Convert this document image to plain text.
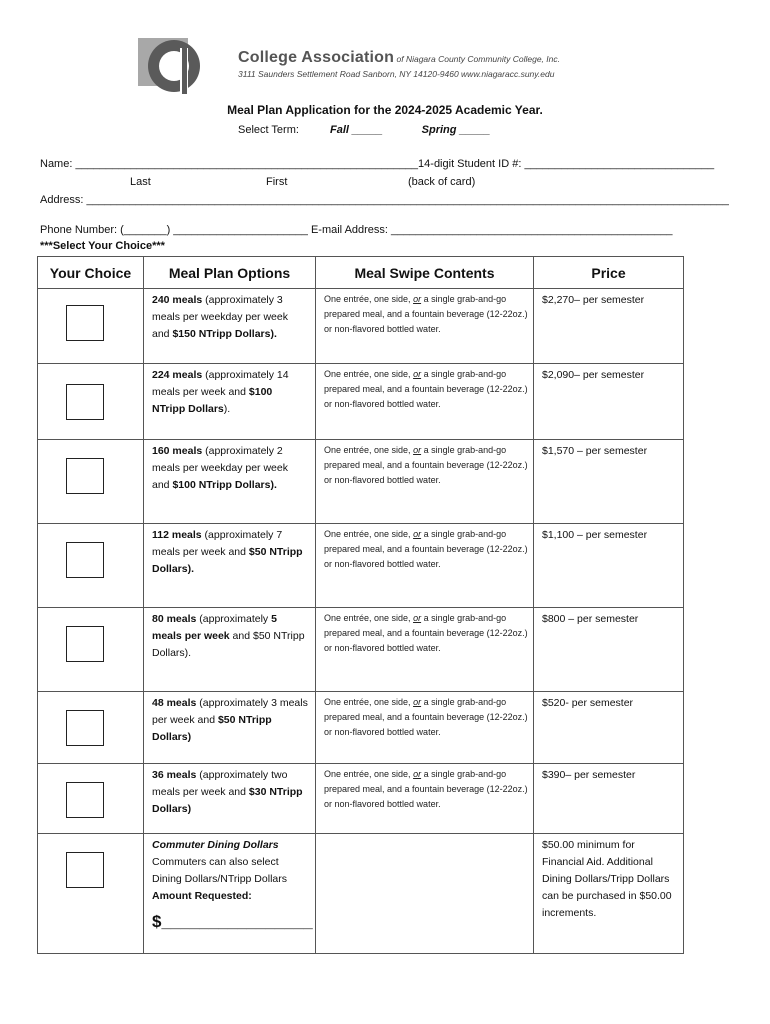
College Association of Niagara County Community College, Inc.
3111 Saunders Settlement Road Sanborn, NY 14120-9460 www.niagaracc.suny.edu
Meal Plan Application for the 2024-2025 Academic Year.
Select Term:	Fall _____	Spring _____
Name: ________________________________________________________14-digit Student ID #: _______________________________
Last	First	(back of card)
Address: _________________________________________________________________________________________________________
Phone Number: (_______) ______________________ E-mail Address: ______________________________________________
***Select Your Choice***
Your Choice	Meal Plan Options	Meal Swipe Contents	Price

	240 meals (approximately 3 meals per weekday per week and $150 NTripp Dollars).	One entrée, one side, or a single grab-and-go prepared meal, and a fountain beverage (12-22oz.) or non-flavored bottled water.	$2,270– per semester

	224 meals (approximately 14 meals per week and $100 NTripp Dollars).	One entrée, one side, or a single grab-and-go prepared meal, and a fountain beverage (12-22oz.) or non-flavored bottled water.	$2,090– per semester

	160 meals (approximately 2 meals per weekday per week and $100 NTripp Dollars).	One entrée, one side, or a single grab-and-go prepared meal, and a fountain beverage (12-22oz.) or non-flavored bottled water.	$1,570 – per semester

	112 meals (approximately 7 meals per week and $50 NTripp Dollars).	One entrée, one side, or a single grab-and-go prepared meal, and a fountain beverage (12-22oz.) or non-flavored bottled water.	$1,100 – per semester

	80 meals (approximately 5 meals per week and $50 NTripp Dollars).	One entrée, one side, or a single grab-and-go prepared meal, and a fountain beverage (12-22oz.) or non-flavored bottled water.	$800 – per semester

	48 meals (approximately 3 meals per week and $50 NTripp Dollars)	One entrée, one side, or a single grab-and-go prepared meal, and a fountain beverage (12-22oz.) or non-flavored bottled water.	$520- per semester

	36 meals (approximately two meals per week and $30 NTripp Dollars)	One entrée, one side, or a single grab-and-go prepared meal, and a fountain beverage (12-22oz.) or non-flavored bottled water.	$390– per semester

	Commuter Dining Dollars
Commuters can also select Dining Dollars/NTripp Dollars
Amount Requested:
$________________		$50.00 minimum for Financial Aid. Additional Dining Dollars/Tripp Dollars can be purchased in $50.00 increments.
